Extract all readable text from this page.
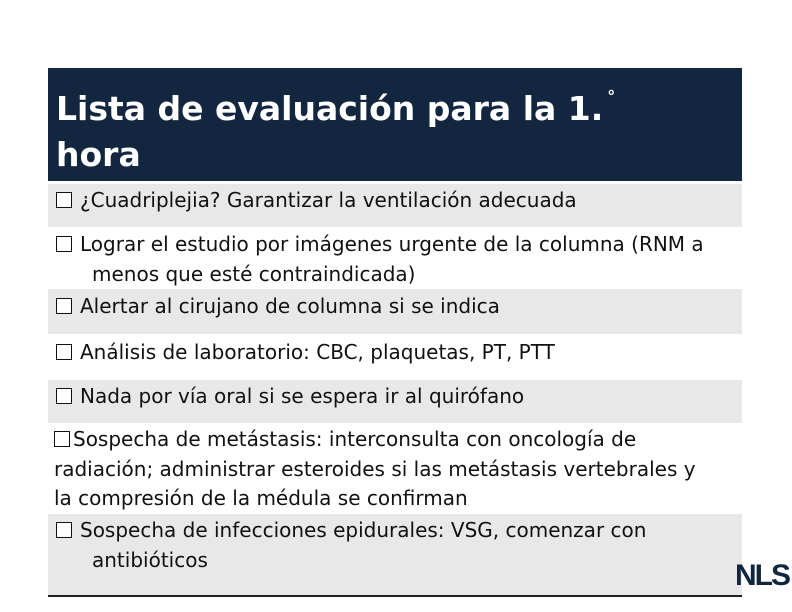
Lista de evaluación para la 1. °
hora
¿Cuadriplejia? Garantizar la ventilación adecuada
Lograr el estudio por imágenes urgente de la columna (RNM a
menos que esté contraindicada)
Alertar al cirujano de columna si se indica
Análisis de laboratorio: CBC, plaquetas, PT, PTT
Nada por vía oral si se espera ir al quirófano
Sospecha de metástasis: interconsulta con oncología de
radiación; administrar esteroides si las metástasis vertebrales y
la compresión de la médula se confirman
Sospecha de infecciones epidurales: VSG, comenzar con
antibióticos	NLS
